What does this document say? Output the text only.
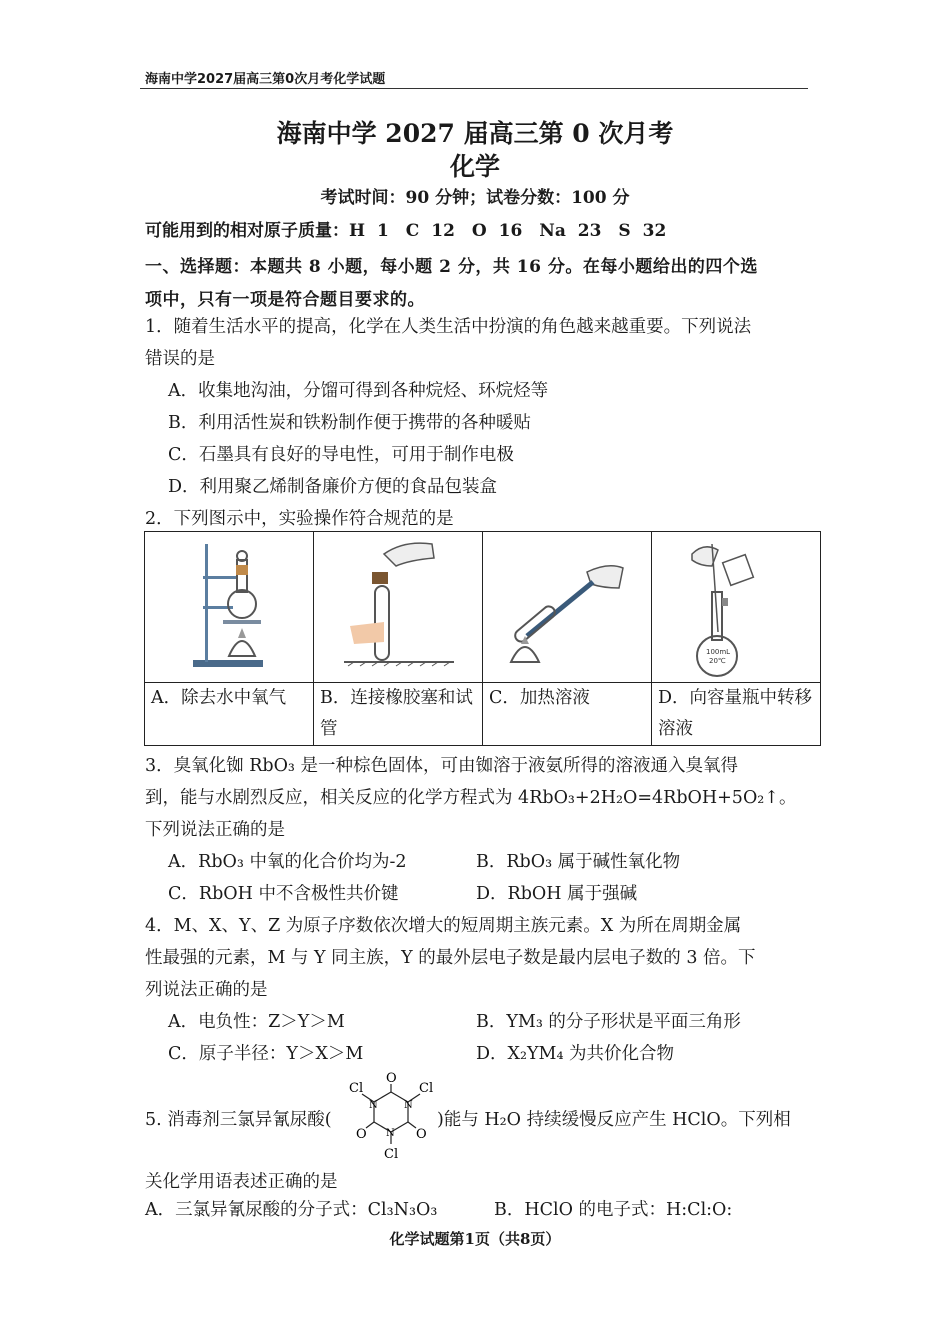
海南中学2027届高三第0次月考化学试题
海南中学 2027 届高三第 0 次月考
化学
考试时间：90 分钟；试卷分数：100 分
可能用到的相对原子质量：H 1　C 12　O 16　Na 23　S 32
一、选择题：本题共 8 小题，每小题 2 分，共 16 分。在每小题给出的四个选
项中，只有一项是符合题目要求的。
1．随着生活水平的提高，化学在人类生活中扮演的角色越来越重要。下列说法
错误的是
A．收集地沟油，分馏可得到各种烷烃、环烷烃等
B．利用活性炭和铁粉制作便于携带的各种暖贴
C．石墨具有良好的导电性，可用于制作电极
D．利用聚乙烯制备廉价方便的食品包装盒
2．下列图示中，实验操作符合规范的是

100mL
20℃

A．除去水中氧气	B．连接橡胶塞和试管	C．加热溶液	D．向容量瓶中转移溶液
3．臭氧化铷 RbO₃ 是一种棕色固体，可由铷溶于液氨所得的溶液通入臭氧得
到，能与水剧烈反应，相关反应的化学方程式为 4RbO₃+2H₂O=4RbOH+5O₂↑。
下列说法正确的是
A．RbO₃ 中氧的化合价均为-2	B．RbO₃ 属于碱性氧化物
C．RbOH 中不含极性共价键	D．RbOH 属于强碱
4．M、X、Y、Z 为原子序数依次增大的短周期主族元素。X 为所在周期金属
性最强的元素，M 与 Y 同主族，Y 的最外层电子数是最内层电子数的 3 倍。下
列说法正确的是
A．电负性：Z＞Y＞M	B．YM₃ 的分子形状是平面三角形
C．原子半径：Y＞X＞M	D．X₂YM₄ 为共价化合物
5. 消毒剂三氯异氰尿酸(
O
Cl	Cl
N	N
N
O	O
Cl
)能与 H₂O 持续缓慢反应产生 HClO。下列相
关化学用语表述正确的是
A．三氯异氰尿酸的分子式：Cl₃N₃O₃	B．HClO 的电子式：H:Cl:O:
化学试题第1页（共8页）
